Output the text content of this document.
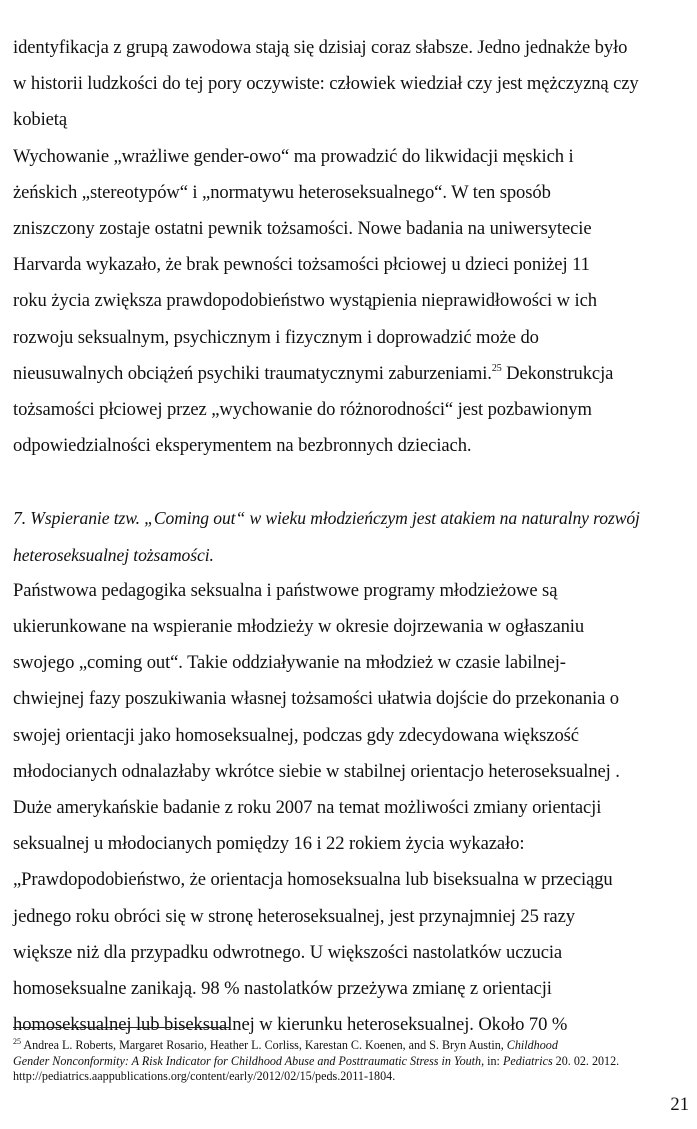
identyfikacja z grupą zawodowa stają się dzisiaj coraz słabsze. Jedno jednakże było
w historii ludzkości do tej pory oczywiste: człowiek wiedział czy jest mężczyzną czy
kobietą
Wychowanie „wrażliwe gender-owo“ ma prowadzić do likwidacji męskich i
żeńskich „stereotypów“ i „normatywu heteroseksualnego“. W ten sposób
zniszczony zostaje ostatni pewnik tożsamości. Nowe badania na uniwersytecie
Harvarda wykazało, że brak pewności tożsamości płciowej u dzieci poniżej 11
roku życia zwiększa prawdopodobieństwo wystąpienia nieprawidłowości w ich
rozwoju seksualnym, psychicznym i fizycznym i doprowadzić może do
nieusuwalnych obciążeń psychiki traumatycznymi zaburzeniami.$^{25}$ Dekonstrukcja
tożsamości płciowej przez „wychowanie do różnorodności“ jest pozbawionym
odpowiedzialności eksperymentem na bezbronnych dzieciach.
7. Wspieranie tzw. „Coming out“ w wieku młodzieńczym jest atakiem na naturalny rozwój
heteroseksualnej tożsamości.
Państwowa pedagogika seksualna i państwowe programy młodzieżowe są
ukierunkowane na wspieranie młodzieży w okresie dojrzewania w ogłaszaniu
swojego „coming out“. Takie oddziaływanie na młodzież w czasie labilnej-
chwiejnej fazy poszukiwania własnej tożsamości ułatwia dojście do przekonania o
swojej orientacji jako homoseksualnej, podczas gdy zdecydowana większość
młodocianych odnalazłaby wkrótce siebie w stabilnej orientacjo heteroseksualnej .
Duże amerykańskie badanie z roku 2007 na temat możliwości zmiany orientacji
seksualnej u młodocianych pomiędzy 16 i 22 rokiem życia wykazało:
„Prawdopodobieństwo, że orientacja homoseksualna lub biseksualna w przeciągu
jednego roku obróci się w stronę heteroseksualnej, jest przynajmniej 25 razy
większe niż dla przypadku odwrotnego. U większości nastolatków uczucia
homoseksualne zanikają. 98 % nastolatków przeżywa zmianę z orientacji
homoseksualnej lub biseksualnej w kierunku heteroseksualnej. Około 70 %
$^{25}$ Andrea L. Roberts, Margaret Rosario, Heather L. Corliss, Karestan C. Koenen, and S. Bryn Austin, Childhood
Gender Nonconformity: A Risk Indicator for Childhood Abuse and Posttraumatic Stress in Youth, in: Pediatrics 20. 02. 2012.
http://pediatrics.aappublications.org/content/early/2012/02/15/peds.2011-1804.
21
